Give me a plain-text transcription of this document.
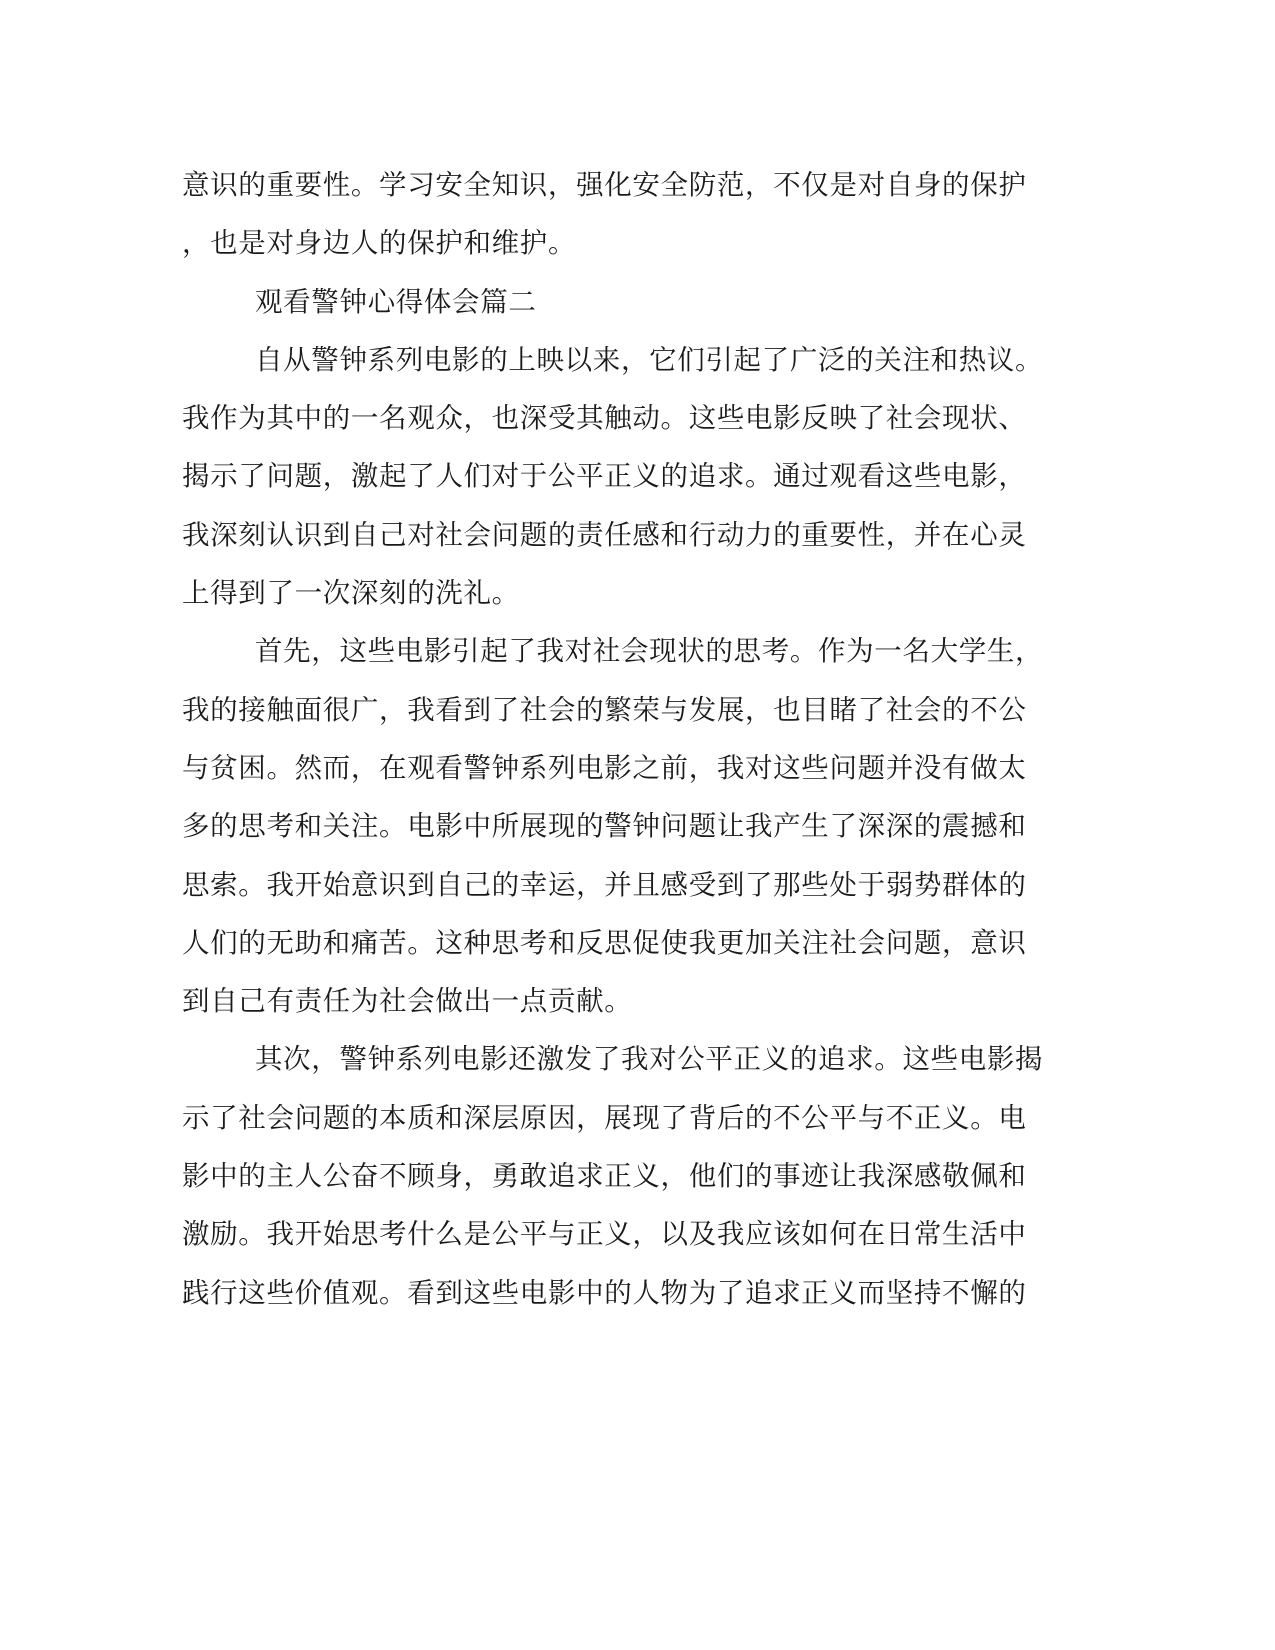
意识的重要性。学习安全知识，强化安全防范，不仅是对自身的保护
，也是对身边人的保护和维护。
观看警钟心得体会篇二
自从警钟系列电影的上映以来，它们引起了广泛的关注和热议。
我作为其中的一名观众，也深受其触动。这些电影反映了社会现状、
揭示了问题，激起了人们对于公平正义的追求。通过观看这些电影，
我深刻认识到自己对社会问题的责任感和行动力的重要性，并在心灵
上得到了一次深刻的洗礼。
首先，这些电影引起了我对社会现状的思考。作为一名大学生，
我的接触面很广，我看到了社会的繁荣与发展，也目睹了社会的不公
与贫困。然而，在观看警钟系列电影之前，我对这些问题并没有做太
多的思考和关注。电影中所展现的警钟问题让我产生了深深的震撼和
思索。我开始意识到自己的幸运，并且感受到了那些处于弱势群体的
人们的无助和痛苦。这种思考和反思促使我更加关注社会问题，意识
到自己有责任为社会做出一点贡献。
其次，警钟系列电影还激发了我对公平正义的追求。这些电影揭
示了社会问题的本质和深层原因，展现了背后的不公平与不正义。电
影中的主人公奋不顾身，勇敢追求正义，他们的事迹让我深感敬佩和
激励。我开始思考什么是公平与正义，以及我应该如何在日常生活中
践行这些价值观。看到这些电影中的人物为了追求正义而坚持不懈的
